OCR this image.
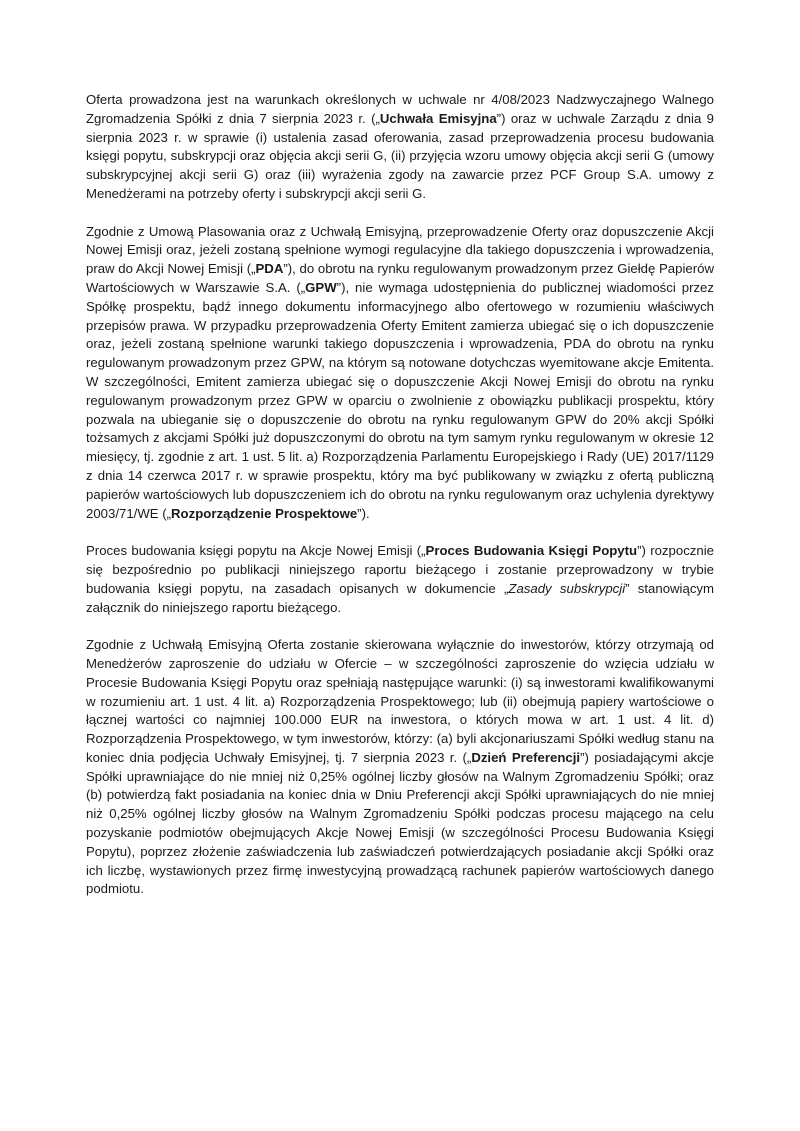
Oferta prowadzona jest na warunkach określonych w uchwale nr 4/08/2023 Nadzwyczajnego Walnego Zgromadzenia Spółki z dnia 7 sierpnia 2023 r. („Uchwała Emisyjna”) oraz w uchwale Zarządu z dnia 9 sierpnia 2023 r. w sprawie (i) ustalenia zasad oferowania, zasad przeprowadzenia procesu budowania księgi popytu, subskrypcji oraz objęcia akcji serii G, (ii) przyjęcia wzoru umowy objęcia akcji serii G (umowy subskrypcyjnej akcji serii G) oraz (iii) wyrażenia zgody na zawarcie przez PCF Group S.A. umowy z Menedżerami na potrzeby oferty i subskrypcji akcji serii G.

Zgodnie z Umową Plasowania oraz z Uchwałą Emisyjną, przeprowadzenie Oferty oraz dopuszczenie Akcji Nowej Emisji oraz, jeżeli zostaną spełnione wymogi regulacyjne dla takiego dopuszczenia i wprowadzenia, praw do Akcji Nowej Emisji („PDA”), do obrotu na rynku regulowanym prowadzonym przez Giełdę Papierów Wartościowych w Warszawie S.A. („GPW”), nie wymaga udostępnienia do publicznej wiadomości przez Spółkę prospektu, bądź innego dokumentu informacyjnego albo ofertowego w rozumieniu właściwych przepisów prawa. W przypadku przeprowadzenia Oferty Emitent zamierza ubiegać się o ich dopuszczenie oraz, jeżeli zostaną spełnione warunki takiego dopuszczenia i wprowadzenia, PDA do obrotu na rynku regulowanym prowadzonym przez GPW, na którym są notowane dotychczas wyemitowane akcje Emitenta. W szczególności, Emitent zamierza ubiegać się o dopuszczenie Akcji Nowej Emisji do obrotu na rynku regulowanym prowadzonym przez GPW w oparciu o zwolnienie z obowiązku publikacji prospektu, który pozwala na ubieganie się o dopuszczenie do obrotu na rynku regulowanym GPW do 20% akcji Spółki tożsamych z akcjami Spółki już dopuszczonymi do obrotu na tym samym rynku regulowanym w okresie 12 miesięcy, tj. zgodnie z art. 1 ust. 5 lit. a) Rozporządzenia Parlamentu Europejskiego i Rady (UE) 2017/1129 z dnia 14 czerwca 2017 r. w sprawie prospektu, który ma być publikowany w związku z ofertą publiczną papierów wartościowych lub dopuszczeniem ich do obrotu na rynku regulowanym oraz uchylenia dyrektywy 2003/71/WE („Rozporządzenie Prospektowe”).

Proces budowania księgi popytu na Akcje Nowej Emisji („Proces Budowania Księgi Popytu”) rozpocznie się bezpośrednio po publikacji niniejszego raportu bieżącego i zostanie przeprowadzony w trybie budowania księgi popytu, na zasadach opisanych w dokumencie „Zasady subskrypcji” stanowiącym załącznik do niniejszego raportu bieżącego.

Zgodnie z Uchwałą Emisyjną Oferta zostanie skierowana wyłącznie do inwestorów, którzy otrzymają od Menedżerów zaproszenie do udziału w Ofercie – w szczególności zaproszenie do wzięcia udziału w Procesie Budowania Księgi Popytu oraz spełniają następujące warunki: (i) są inwestorami kwalifikowanymi w rozumieniu art. 1 ust. 4 lit. a) Rozporządzenia Prospektowego; lub (ii) obejmują papiery wartościowe o łącznej wartości co najmniej 100.000 EUR na inwestora, o których mowa w art. 1 ust. 4 lit. d) Rozporządzenia Prospektowego, w tym inwestorów, którzy: (a) byli akcjonariuszami Spółki według stanu na koniec dnia podjęcia Uchwały Emisyjnej, tj. 7 sierpnia 2023 r. („Dzień Preferencji”) posiadającymi akcje Spółki uprawniające do nie mniej niż 0,25% ogólnej liczby głosów na Walnym Zgromadzeniu Spółki; oraz (b) potwierdzą fakt posiadania na koniec dnia w Dniu Preferencji akcji Spółki uprawniających do nie mniej niż 0,25% ogólnej liczby głosów na Walnym Zgromadzeniu Spółki podczas procesu mającego na celu pozyskanie podmiotów obejmujących Akcje Nowej Emisji (w szczególności Procesu Budowania Księgi Popytu), poprzez złożenie zaświadczenia lub zaświadczeń potwierdzających posiadanie akcji Spółki oraz ich liczbę, wystawionych przez firmę inwestycyjną prowadzącą rachunek papierów wartościowych danego podmiotu.
